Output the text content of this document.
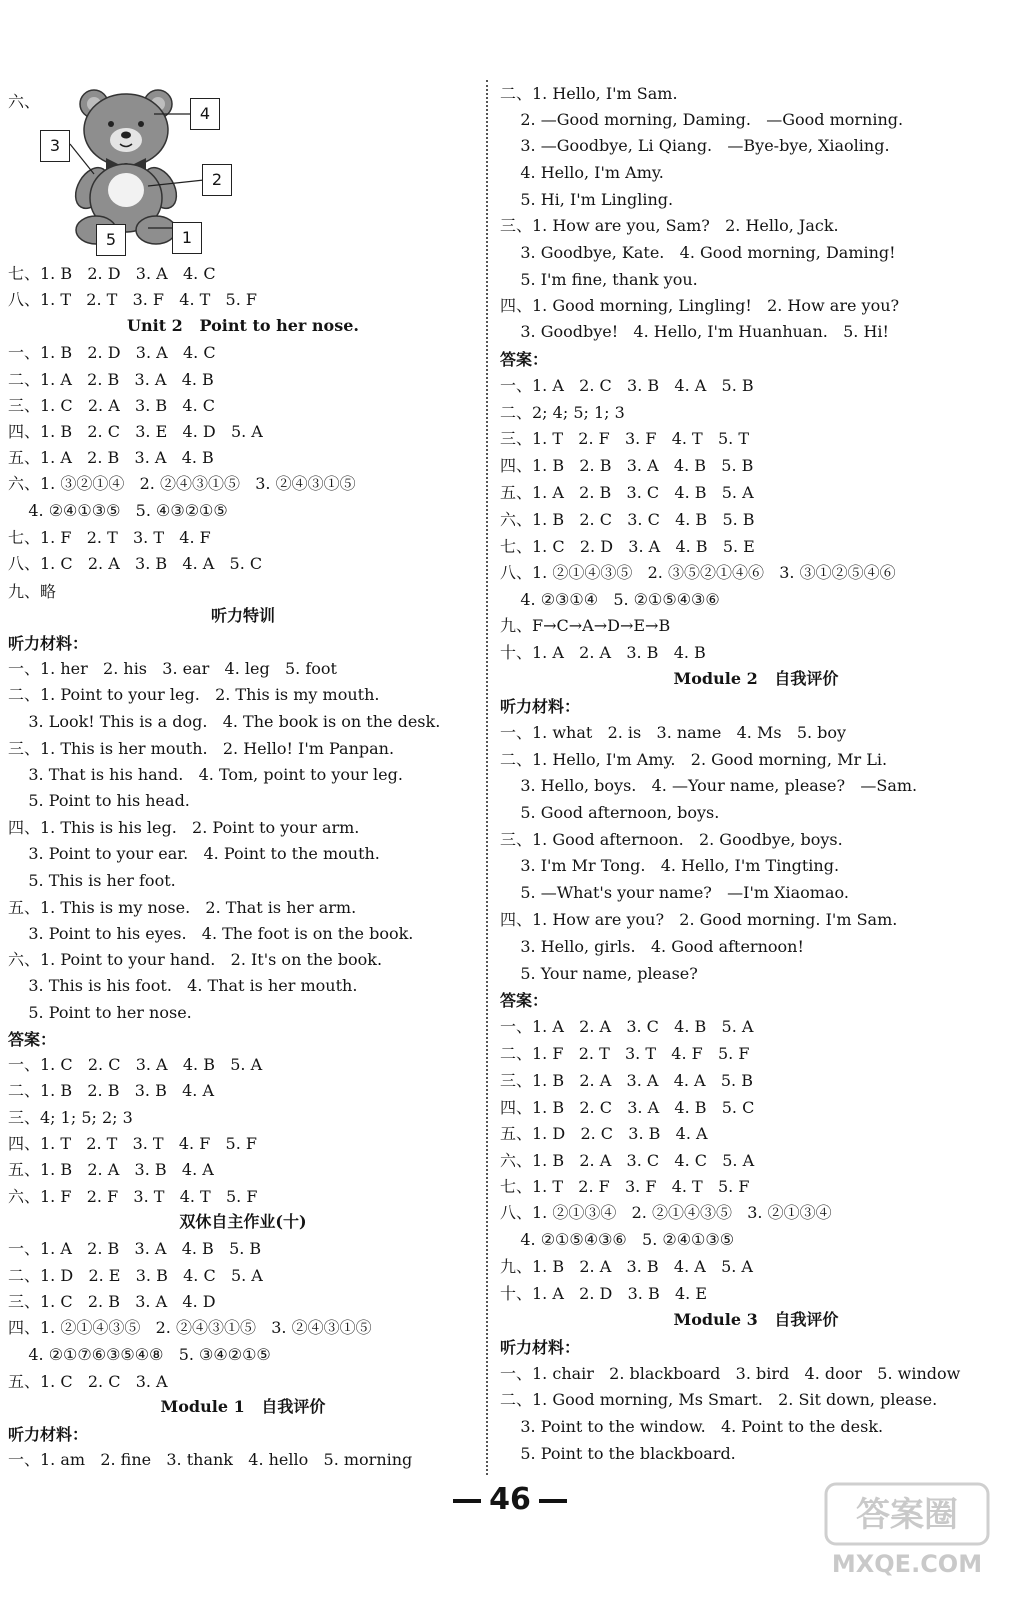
六、
七、1. B   2. D   3. A   4. C
八、1. T   2. T   3. F   4. T   5. F
Unit 2   Point to her nose.
一、1. B   2. D   3. A   4. C
二、1. A   2. B   3. A   4. B
三、1. C   2. A   3. B   4. C
四、1. B   2. C   3. E   4. D   5. A
五、1. A   2. B   3. A   4. B
六、1. ③②①④   2. ②④③①⑤   3. ②④③①⑤
4. ②④①③⑤   5. ④③②①⑤
七、1. F   2. T   3. T   4. F
八、1. C   2. A   3. B   4. A   5. C
九、略
听力特训
听力材料：
一、1. her   2. his   3. ear   4. leg   5. foot
二、1. Point to your leg.   2. This is my mouth.
3. Look! This is a dog.   4. The book is on the desk.
三、1. This is her mouth.   2. Hello! I'm Panpan.
3. That is his hand.   4. Tom, point to your leg.
5. Point to his head.
四、1. This is his leg.   2. Point to your arm.
3. Point to your ear.   4. Point to the mouth.
5. This is her foot.
五、1. This is my nose.   2. That is her arm.
3. Point to his eyes.   4. The foot is on the book.
六、1. Point to your hand.   2. It's on the book.
3. This is his foot.   4. That is her mouth.
5. Point to her nose.
答案：
一、1. C   2. C   3. A   4. B   5. A
二、1. B   2. B   3. B   4. A
三、4; 1; 5; 2; 3
四、1. T   2. T   3. T   4. F   5. F
五、1. B   2. A   3. B   4. A
六、1. F   2. F   3. T   4. T   5. F
双休自主作业(十)
一、1. A   2. B   3. A   4. B   5. B
二、1. D   2. E   3. B   4. C   5. A
三、1. C   2. B   3. A   4. D
四、1. ②①④③⑤   2. ②④③①⑤   3. ②④③①⑤
4. ②①⑦⑥③⑤④⑧   5. ③④②①⑤
五、1. C   2. C   3. A
Module 1   自我评价
听力材料：
一、1. am   2. fine   3. thank   4. hello   5. morning
二、1. Hello, I'm Sam.
2. —Good morning, Daming.   —Good morning.
3. —Goodbye, Li Qiang.   —Bye-bye, Xiaoling.
4. Hello, I'm Amy.
5. Hi, I'm Lingling.
三、1. How are you, Sam?   2. Hello, Jack.
3. Goodbye, Kate.   4. Good morning, Daming!
5. I'm fine, thank you.
四、1. Good morning, Lingling!   2. How are you?
3. Goodbye!   4. Hello, I'm Huanhuan.   5. Hi!
答案：
一、1. A   2. C   3. B   4. A   5. B
二、2; 4; 5; 1; 3
三、1. T   2. F   3. F   4. T   5. T
四、1. B   2. B   3. A   4. B   5. B
五、1. A   2. B   3. C   4. B   5. A
六、1. B   2. C   3. C   4. B   5. B
七、1. C   2. D   3. A   4. B   5. E
八、1. ②①④③⑤   2. ③⑤②①④⑥   3. ③①②⑤④⑥
4. ②③①④   5. ②①⑤④③⑥
九、F→C→A→D→E→B
十、1. A   2. A   3. B   4. B
Module 2   自我评价
听力材料：
一、1. what   2. is   3. name   4. Ms   5. boy
二、1. Hello, I'm Amy.   2. Good morning, Mr Li.
3. Hello, boys.   4. —Your name, please?   —Sam.
5. Good afternoon, boys.
三、1. Good afternoon.   2. Goodbye, boys.
3. I'm Mr Tong.   4. Hello, I'm Tingting.
5. —What's your name?   —I'm Xiaomao.
四、1. How are you?   2. Good morning. I'm Sam.
3. Hello, girls.   4. Good afternoon!
5. Your name, please?
答案：
一、1. A   2. A   3. C   4. B   5. A
二、1. F   2. T   3. T   4. F   5. F
三、1. B   2. A   3. A   4. A   5. B
四、1. B   2. C   3. A   4. B   5. C
五、1. D   2. C   3. B   4. A
六、1. B   2. A   3. C   4. C   5. A
七、1. T   2. F   3. F   4. T   5. F
八、1. ②①③④   2. ②①④③⑤   3. ②①③④
4. ②①⑤④③⑥   5. ②④①③⑤
九、1. B   2. A   3. B   4. A   5. A
十、1. A   2. D   3. B   4. E
Module 3   自我评价
听力材料：
一、1. chair   2. blackboard   3. bird   4. door   5. window
二、1. Good morning, Ms Smart.   2. Sit down, please.
3. Point to the window.   4. Point to the desk.
5. Point to the blackboard.
4
3
2
5	1
46	答案圈
MXQE.COM
